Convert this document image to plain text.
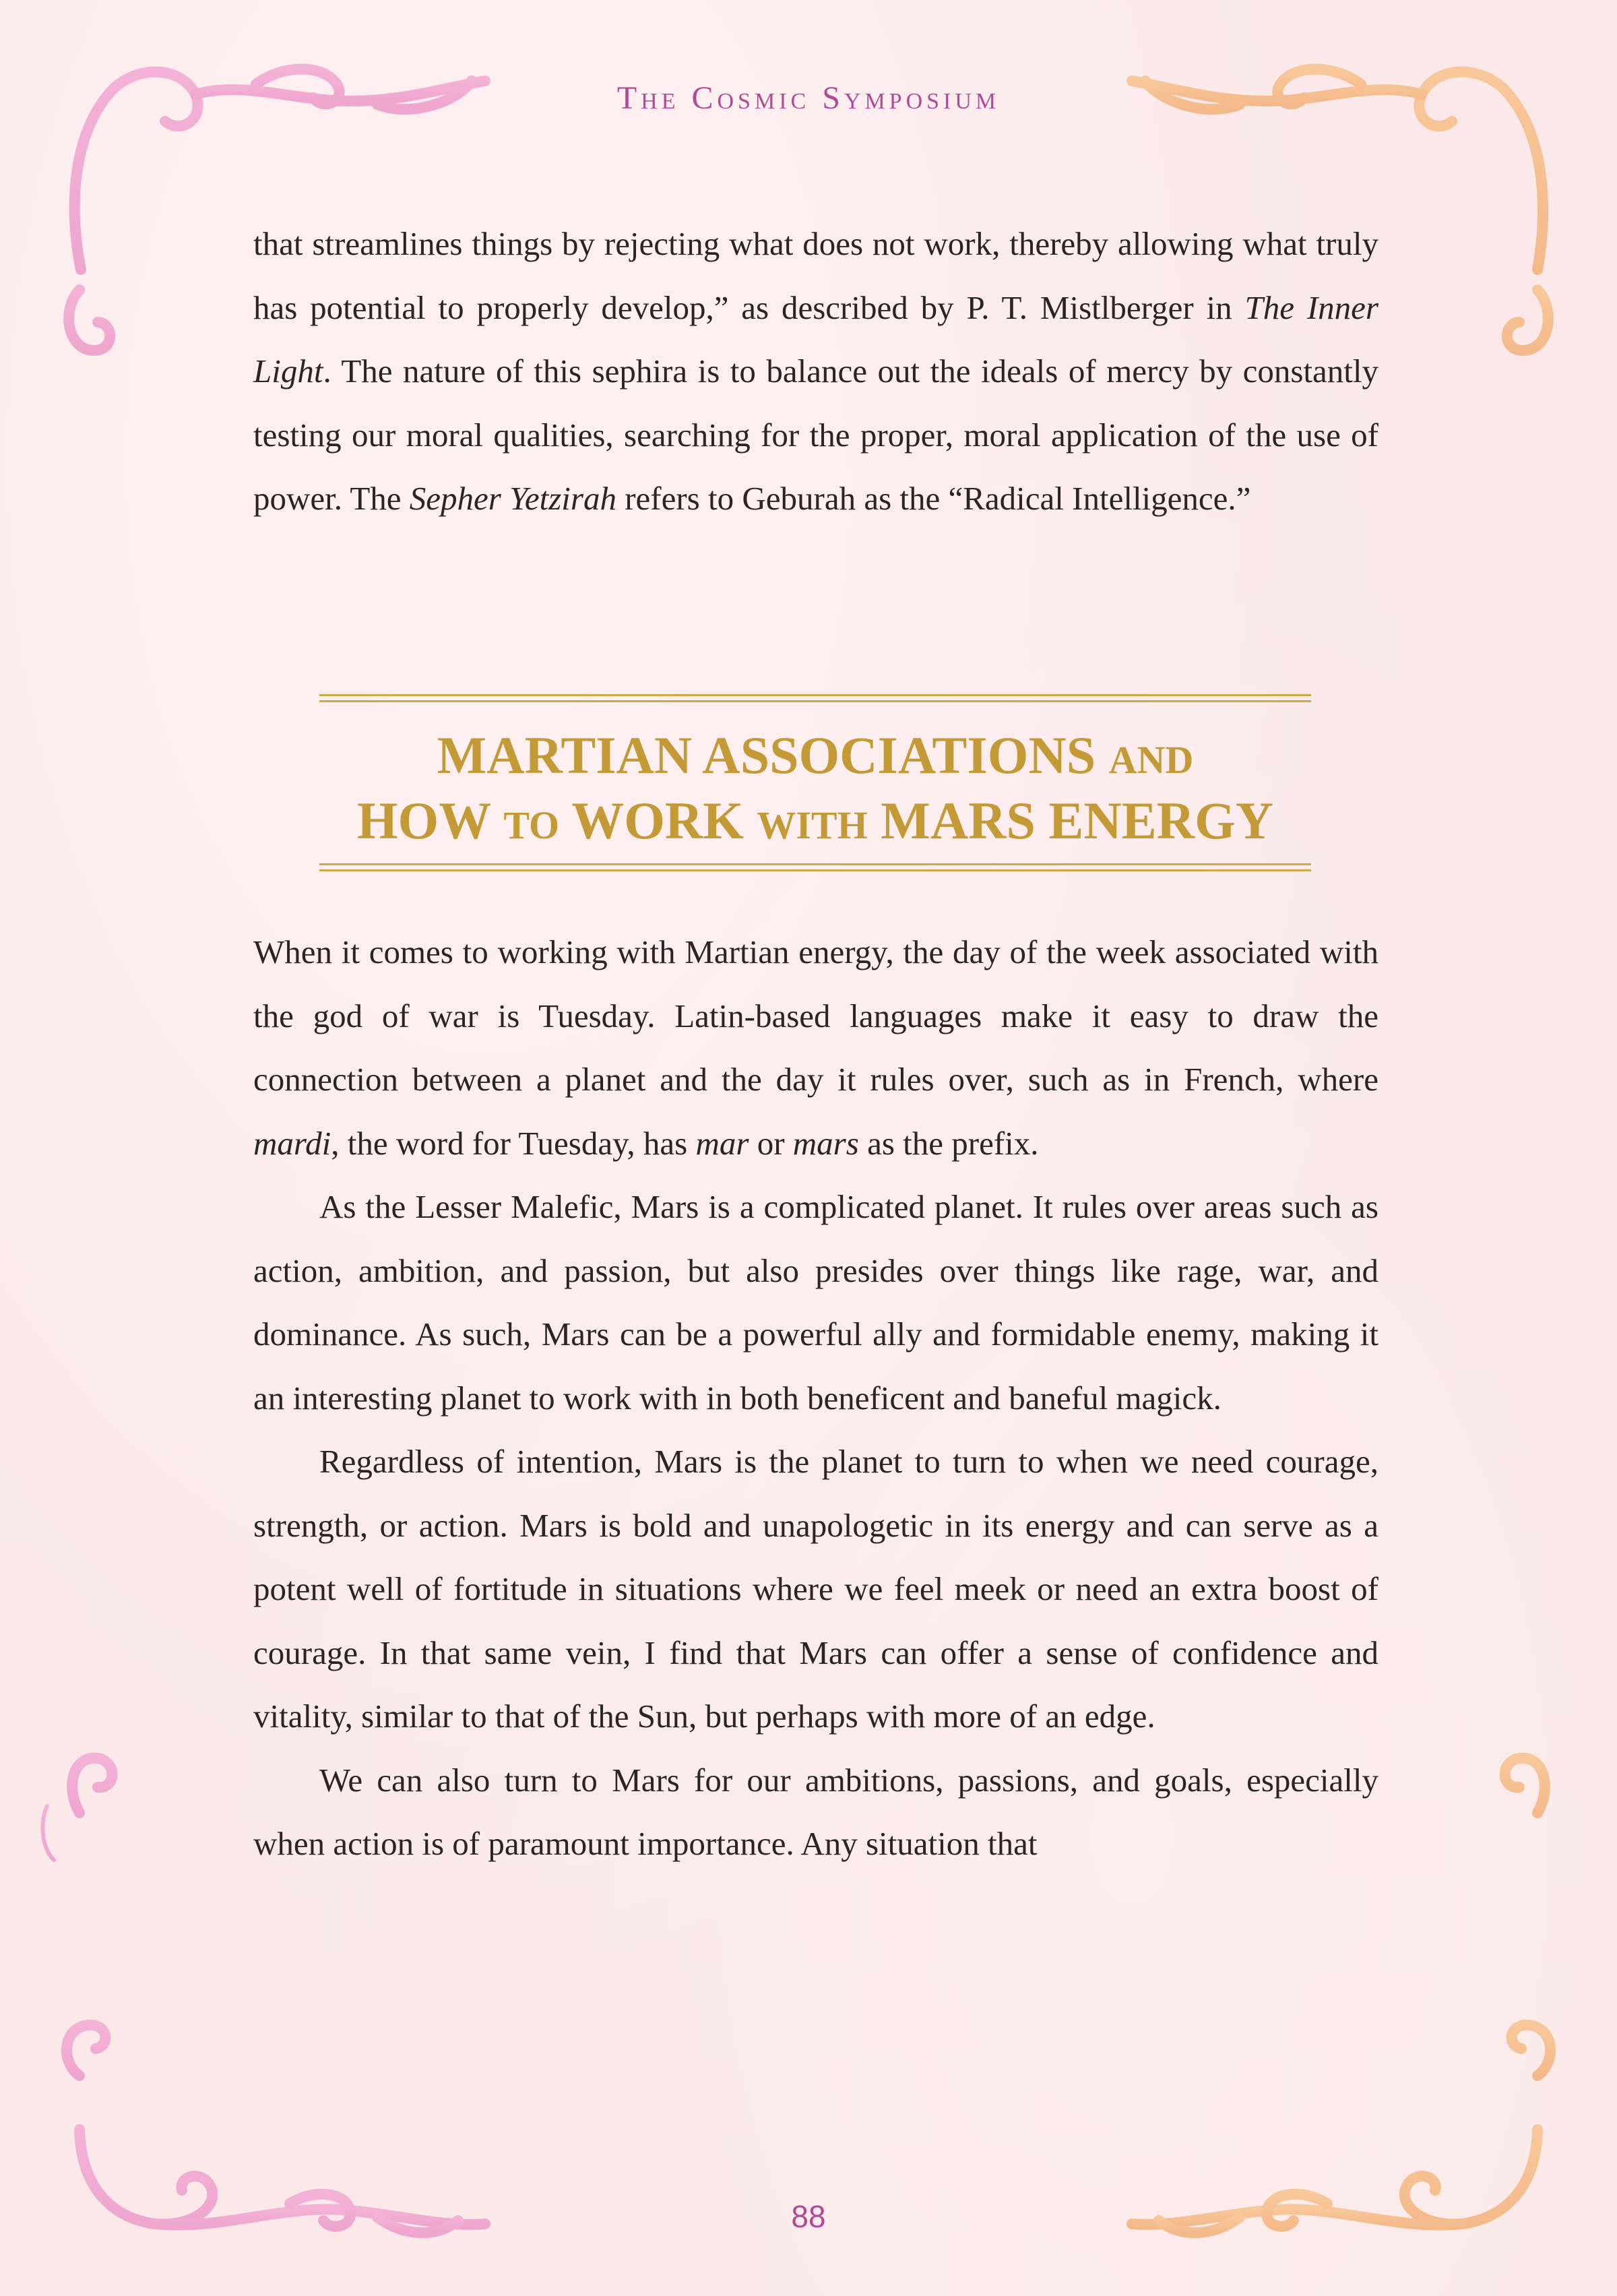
The Cosmic Symposium

that streamlines things by rejecting what does not work, thereby allowing what truly has potential to properly develop,” as described by P. T. Mistlberger in The Inner Light. The nature of this sephira is to balance out the ideals of mercy by constantly testing our moral qualities, searching for the proper, moral application of the use of power. The Sepher Yetzirah refers to Geburah as the “Radical Intelligence.”

MARTIAN ASSOCIATIONS AND
HOW TO WORK WITH MARS ENERGY

When it comes to working with Martian energy, the day of the week associated with the god of war is Tuesday. Latin-based languages make it easy to draw the connection between a planet and the day it rules over, such as in French, where mardi, the word for Tuesday, has mar or mars as the prefix.

As the Lesser Malefic, Mars is a complicated planet. It rules over areas such as action, ambition, and passion, but also presides over things like rage, war, and dominance. As such, Mars can be a powerful ally and formidable enemy, making it an interesting planet to work with in both beneficent and baneful magick.

Regardless of intention, Mars is the planet to turn to when we need courage, strength, or action. Mars is bold and unapologetic in its energy and can serve as a potent well of fortitude in situations where we feel meek or need an extra boost of courage. In that same vein, I find that Mars can offer a sense of confidence and vitality, similar to that of the Sun, but perhaps with more of an edge.

We can also turn to Mars for our ambitions, passions, and goals, especially when action is of paramount importance. Any situation that

88
